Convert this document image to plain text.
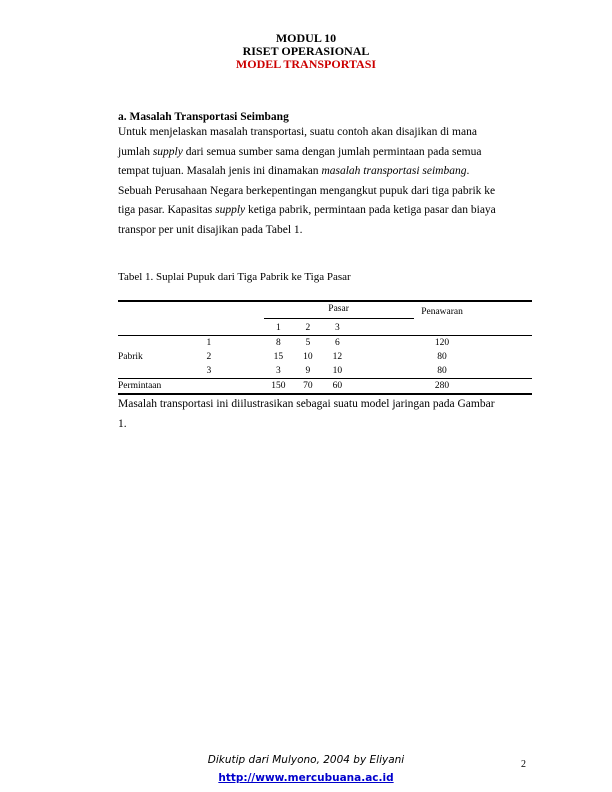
MODUL 10
RISET OPERASIONAL
MODEL TRANSPORTASI
a. Masalah Transportasi Seimbang

Untuk menjelaskan masalah transportasi, suatu contoh akan disajikan di mana jumlah supply dari semua sumber sama dengan jumlah permintaan pada semua tempat tujuan. Masalah jenis ini dinamakan masalah transportasi seimbang.

Sebuah Perusahaan Negara berkepentingan mengangkut pupuk dari tiga pabrik ke tiga pasar. Kapasitas supply ketiga pabrik, permintaan pada ketiga pasar dan biaya transpor per unit disajikan pada Tabel 1.

Tabel 1. Suplai Pupuk dari Tiga Pabrik ke Tiga Pasar

		Pasar			Penawaran
		1	2	3	
Pabrik	1	8	5	6	120
	2	15	10	12	80
	3	3	9	10	80
Permintaan		150	70	60	280

Masalah transportasi ini diilustrasikan sebagai suatu model jaringan pada Gambar 1.

Dikutip dari Mulyono, 2004 by Eliyani
http://www.mercubuana.ac.id
2
